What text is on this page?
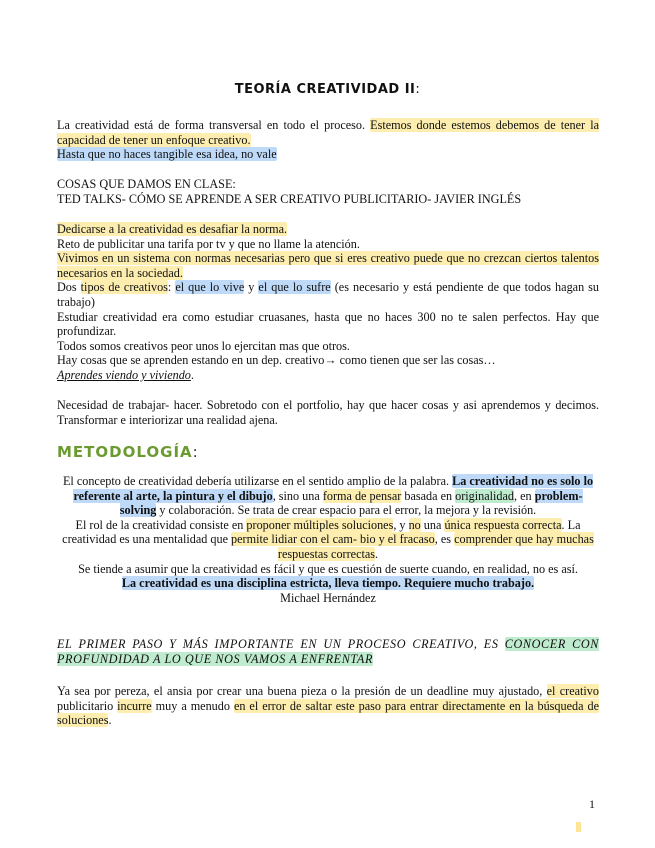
TEORÍA CREATIVIDAD II:

La creatividad está de forma transversal en todo el proceso. Estemos donde estemos debemos de tener la capacidad de tener un enfoque creativo.

Hasta que no haces tangible esa idea, no vale

COSAS QUE DAMOS EN CLASE:

TED TALKS- CÓMO SE APRENDE A SER CREATIVO PUBLICITARIO- JAVIER INGLÉS

Dedicarse a la creatividad es desafiar la norma.

Reto de publicitar una tarifa por tv y que no llame la atención.

Vivimos en un sistema con normas necesarias pero que si eres creativo puede que no crezcan ciertos talentos necesarios en la sociedad.

Dos tipos de creativos: el que lo vive y el que lo sufre (es necesario y está pendiente de que todos hagan su trabajo)

Estudiar creatividad era como estudiar cruasanes, hasta que no haces 300 no te salen perfectos. Hay que profundizar.

Todos somos creativos peor unos lo ejercitan mas que otros.

Hay cosas que se aprenden estando en un dep. creativo→ como tienen que ser las cosas…

Aprendes viendo y viviendo.

Necesidad de trabajar- hacer. Sobretodo con el portfolio, hay que hacer cosas y asi aprendemos y decimos. Transformar e interiorizar una realidad ajena.

METODOLOGÍA:

El concepto de creatividad debería utilizarse en el sentido amplio de la palabra. La creatividad no es solo lo referente al arte, la pintura y el dibujo, sino una forma de pensar basada en originalidad, en problem-solving y colaboración. Se trata de crear espacio para el error, la mejora y la revisión.

El rol de la creatividad consiste en proponer múltiples soluciones, y no una única respuesta correcta. La creatividad es una mentalidad que permite lidiar con el cam- bio y el fracaso, es comprender que hay muchas respuestas correctas.

Se tiende a asumir que la creatividad es fácil y que es cuestión de suerte cuando, en realidad, no es así.

La creatividad es una disciplina estricta, lleva tiempo. Requiere mucho trabajo.

Michael Hernández

EL PRIMER PASO Y MÁS IMPORTANTE EN UN PROCESO CREATIVO, ES CONOCER CON PROFUNDIDAD A LO QUE NOS VAMOS A ENFRENTAR

Ya sea por pereza, el ansia por crear una buena pieza o la presión de un deadline muy ajustado, el creativo publicitario incurre muy a menudo en el error de saltar este paso para entrar directamente en la búsqueda de soluciones.

1
